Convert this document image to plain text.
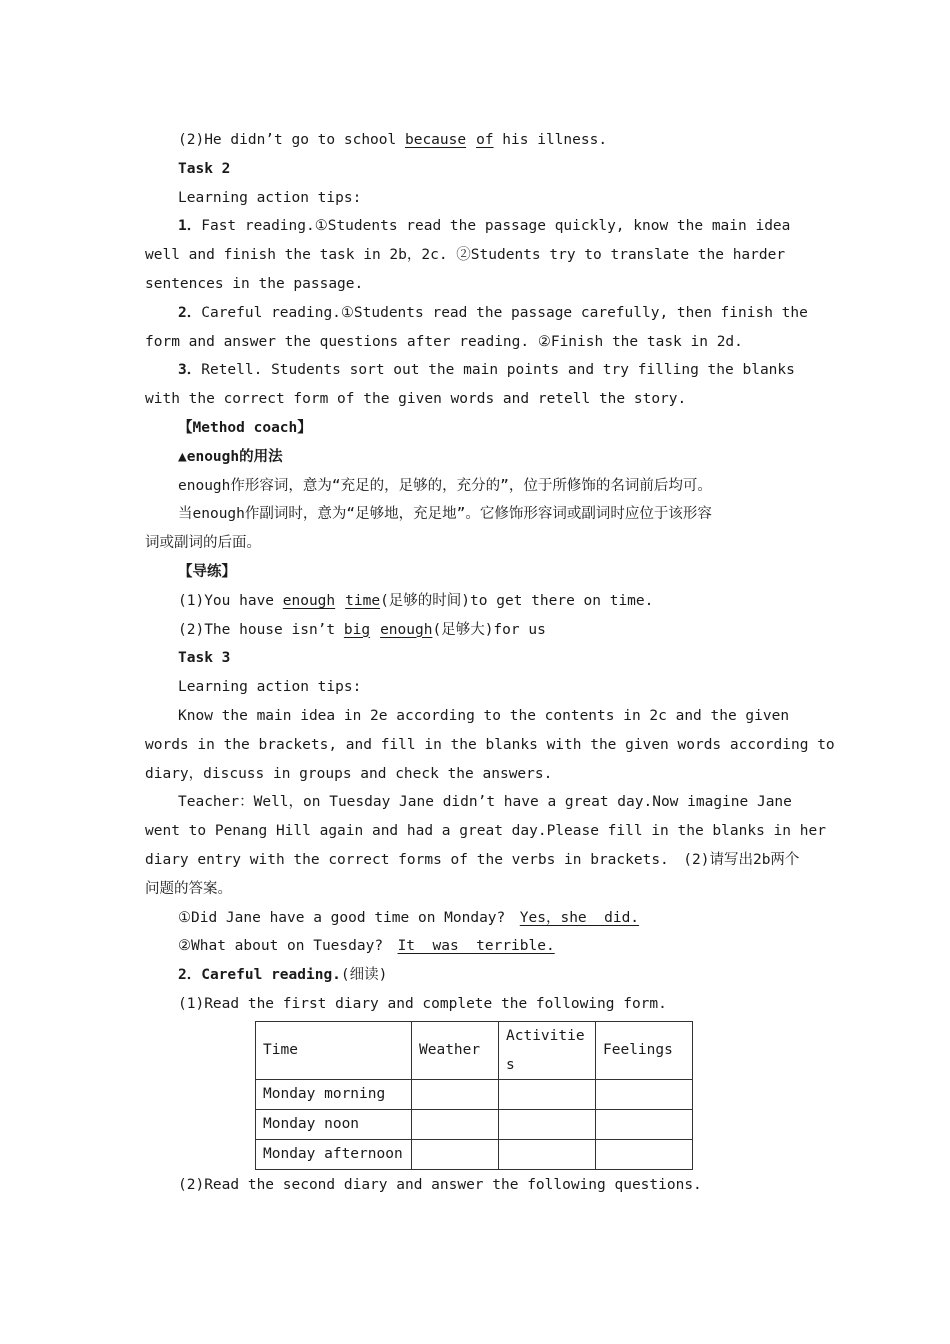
(2)He didn’t go to school because of his illness.
Task 2
Learning action tips:
1．Fast reading.①Students read the passage quickly, know the main idea
well and finish the task in 2b，2c. ②Students try to translate the harder
sentences in the passage.
2．Careful reading.①Students read the passage carefully, then finish the
form and answer the questions after reading. ②Finish the task in 2d.
3．Retell. Students sort out the main points and try filling the blanks
with the correct form of the given words and retell the story.
【Method coach】
▲enough的用法
enough作形容词，意为“充足的，足够的，充分的”，位于所修饰的名词前后均可。
当enough作副词时，意为“足够地，充足地”。它修饰形容词或副词时应位于该形容
词或副词的后面。
【导练】
(1)You have enough time(足够的时间)to get there on time.
(2)The house isn’t big enough(足够大)for us
Task 3
Learning action tips:
Know the main idea in 2e according to the contents in 2c and the given
words in the brackets, and fill in the blanks with the given words according to
diary，discuss in groups and check the answers.
Teacher：Well，on Tuesday Jane didn’t have a great day.Now imagine Jane
went to Penang Hill again and had a great day.Please fill in the blanks in her
diary entry with the correct forms of the verbs in brackets.　(2)请写出2b两个
问题的答案。
①Did Jane have a good time on Monday?　Yes，she  did.
②What about on Tuesday?　It  was  terrible.
2．Careful reading.(细读)
(1)Read the first diary and complete the following form.
Time	Weather	Activities	Feelings
Monday morning			
Monday noon			
Monday afternoon			
(2)Read the second diary and answer the following questions.
